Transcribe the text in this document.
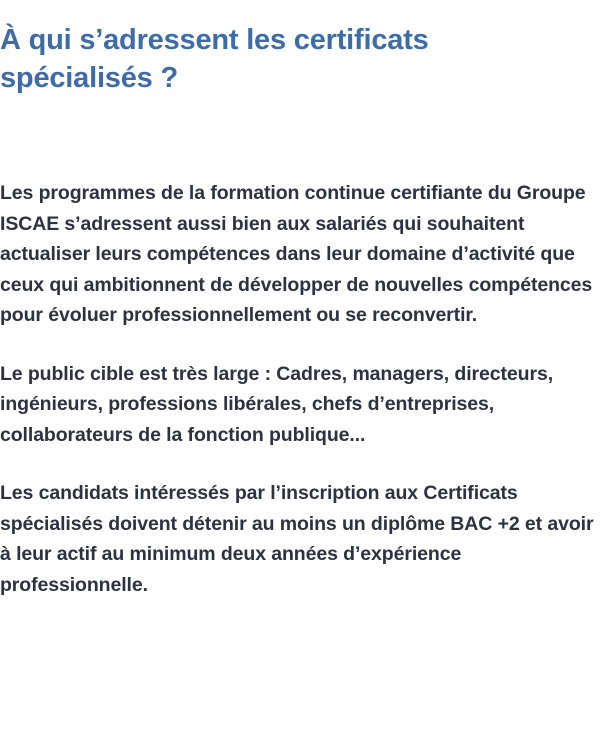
À qui s’adressent les certificats spécialisés ?

Les programmes de la formation continue certifiante du Groupe ISCAE s’adressent aussi bien aux salariés qui souhaitent actualiser leurs compétences dans leur domaine d’activité que ceux qui ambitionnent de développer de nouvelles compétences pour évoluer professionnellement ou se reconvertir.

Le public cible est très large : Cadres, managers, directeurs, ingénieurs, professions libérales, chefs d’entreprises, collaborateurs de la fonction publique...

Les candidats intéressés par l’inscription aux Certificats spécialisés doivent détenir au moins un diplôme BAC +2 et avoir à leur actif au minimum deux années d’expérience professionnelle.
